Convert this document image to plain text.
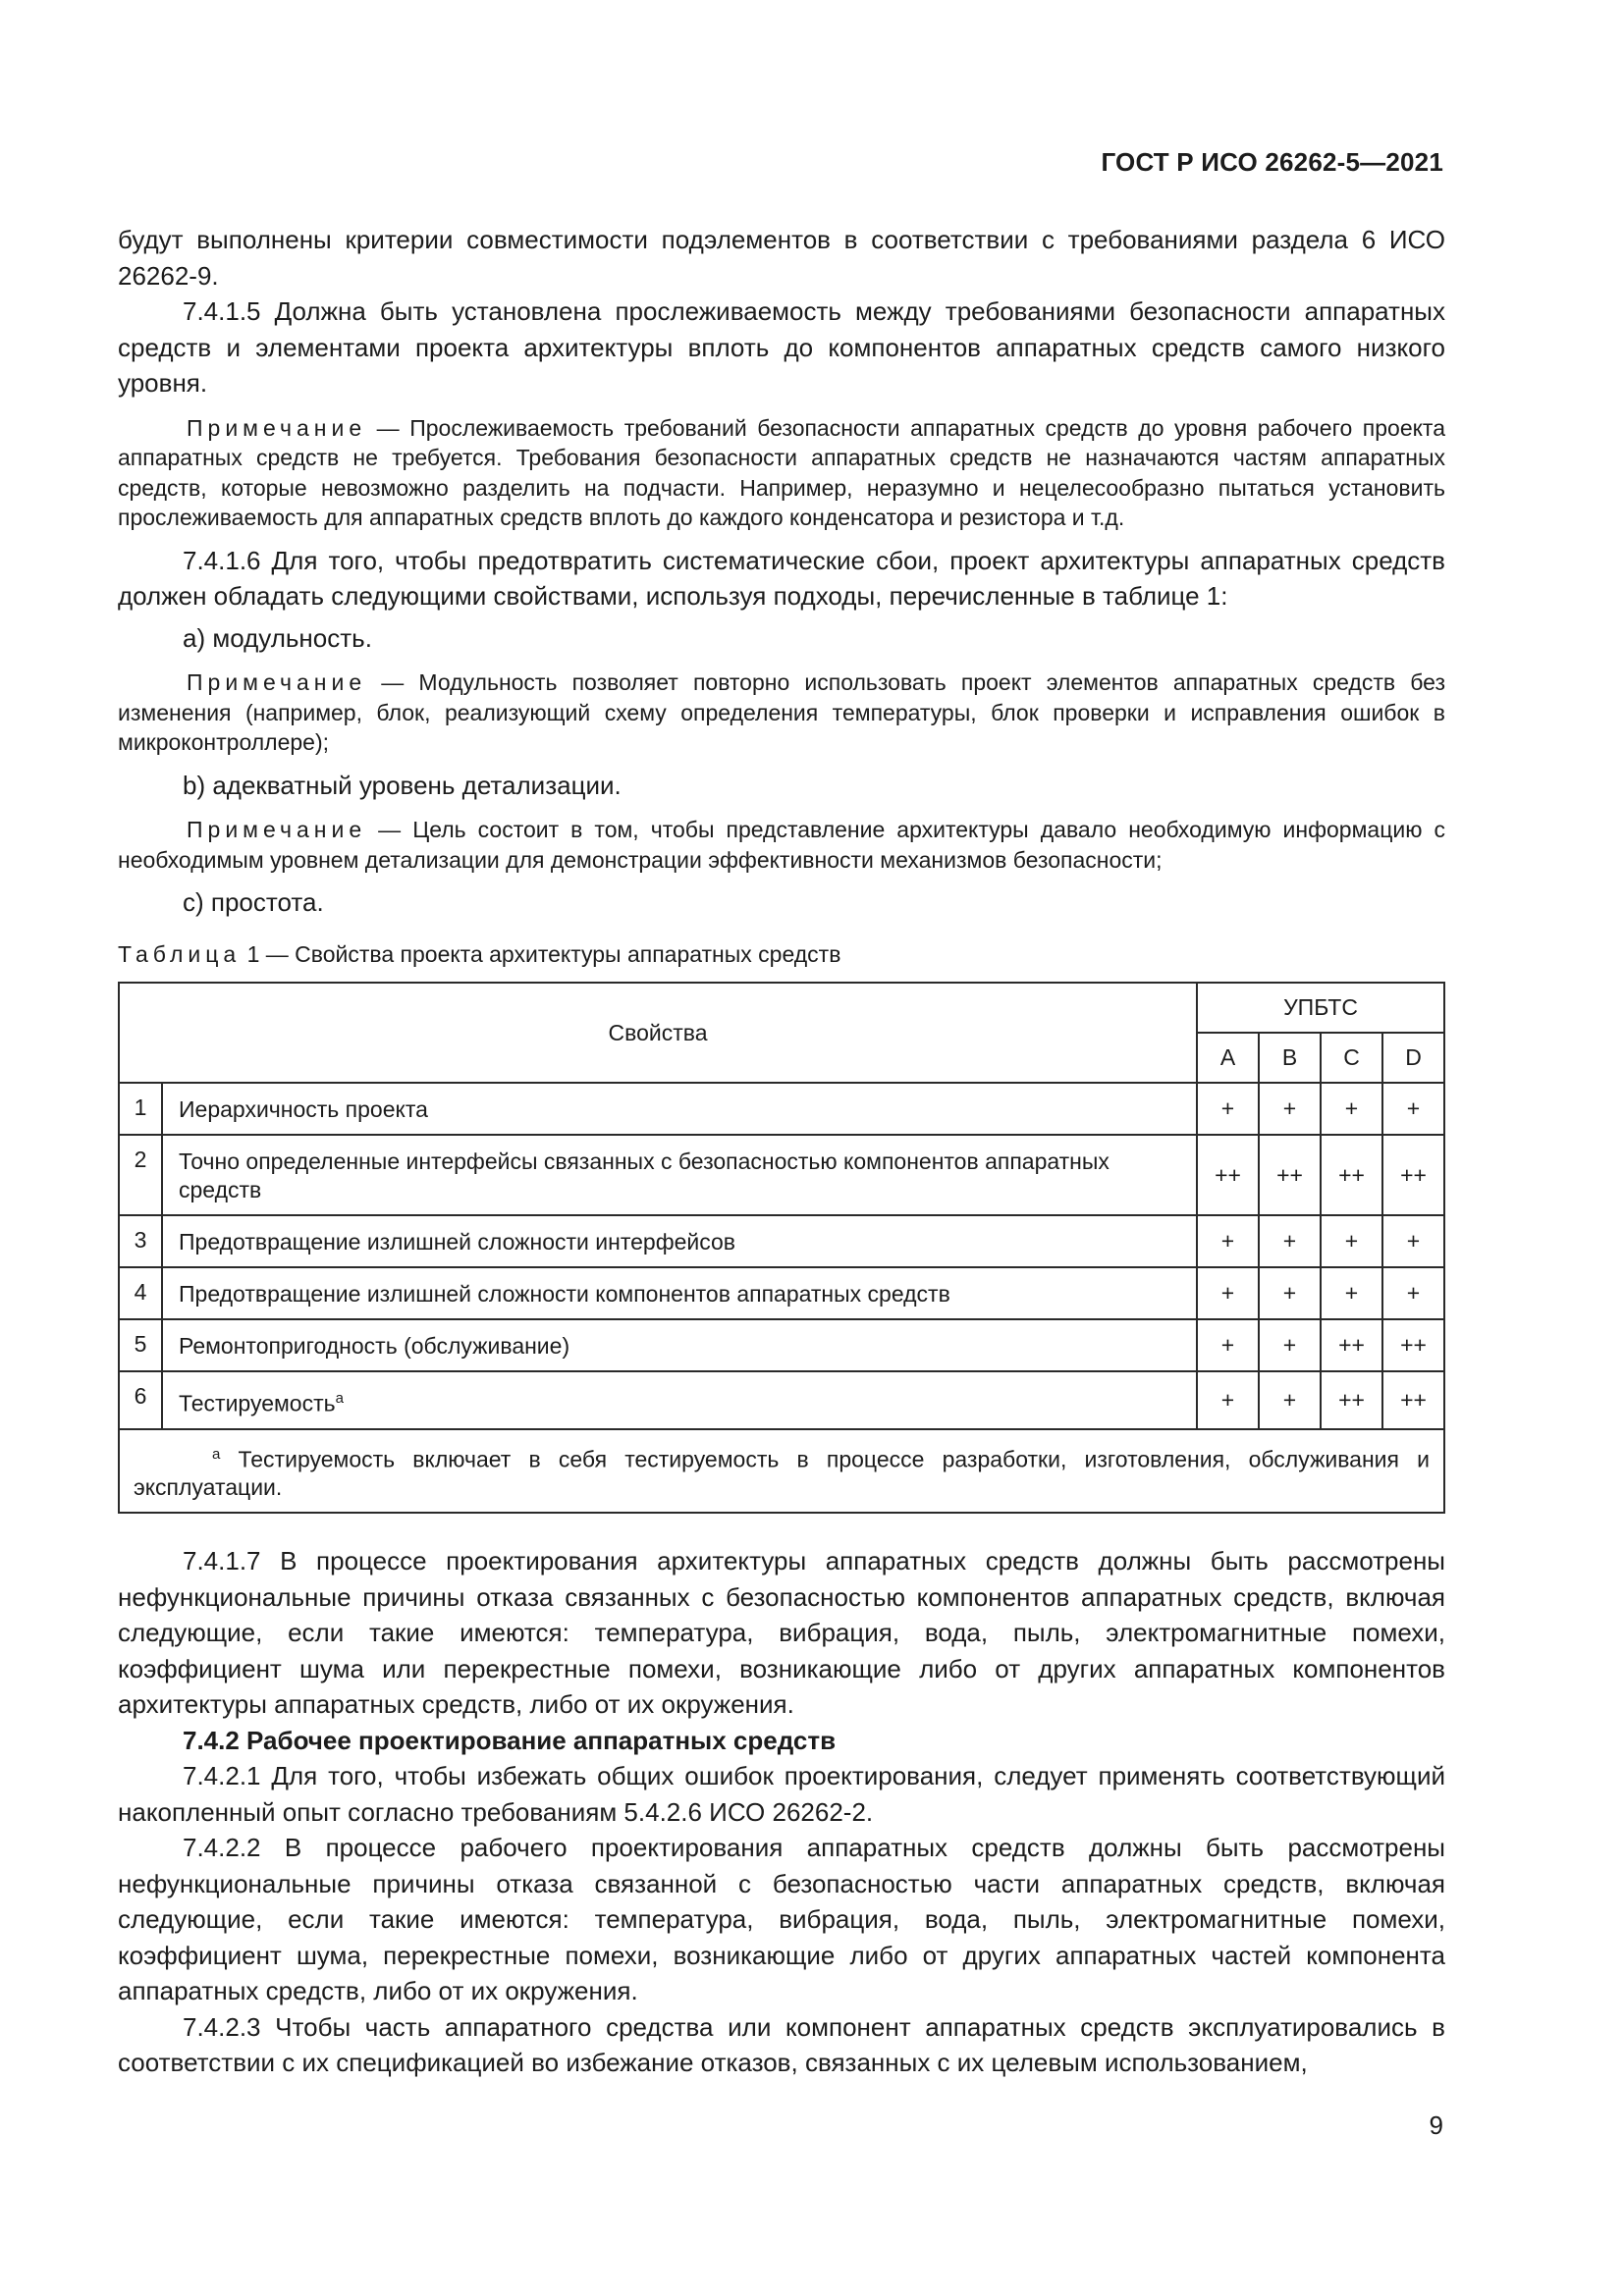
ГОСТ Р ИСО 26262-5—2021

будут выполнены критерии совместимости подэлементов в соответствии с требованиями раздела 6 ИСО 26262-9.

7.4.1.5 Должна быть установлена прослеживаемость между требованиями безопасности аппаратных средств и элементами проекта архитектуры вплоть до компонентов аппаратных средств самого низкого уровня.

Примечание — Прослеживаемость требований безопасности аппаратных средств до уровня рабочего проекта аппаратных средств не требуется. Требования безопасности аппаратных средств не назначаются частям аппаратных средств, которые невозможно разделить на подчасти. Например, неразумно и нецелесообразно пытаться установить прослеживаемость для аппаратных средств вплоть до каждого конденсатора и резистора и т.д.

7.4.1.6 Для того, чтобы предотвратить систематические сбои, проект архитектуры аппаратных средств должен обладать следующими свойствами, используя подходы, перечисленные в таблице 1:

a) модульность.

Примечание — Модульность позволяет повторно использовать проект элементов аппаратных средств без изменения (например, блок, реализующий схему определения температуры, блок проверки и исправления ошибок в микроконтроллере);

b) адекватный уровень детализации.

Примечание — Цель состоит в том, чтобы представление архитектуры давало необходимую информацию с необходимым уровнем детализации для демонстрации эффективности механизмов безопасности;

c) простота.

Таблица 1 — Свойства проекта архитектуры аппаратных средств

Свойства		УПБТС			
		A	B	C	D
1	Иерархичность проекта	+	+	+	+
2	Точно определенные интерфейсы связанных с безопасностью компонентов аппаратных средств	++	++	++	++
3	Предотвращение излишней сложности интерфейсов	+	+	+	+
4	Предотвращение излишней сложности компонентов аппаратных средств	+	+	+	+
5	Ремонтопригодность (обслуживание)	+	+	++	++
6	Тестируемость$^a$	+	+	++	++

$^a$ Тестируемость включает в себя тестируемость в процессе разработки, изготовления, обслуживания и эксплуатации.					

7.4.1.7 В процессе проектирования архитектуры аппаратных средств должны быть рассмотрены нефункциональные причины отказа связанных с безопасностью компонентов аппаратных средств, включая следующие, если такие имеются: температура, вибрация, вода, пыль, электромагнитные помехи, коэффициент шума или перекрестные помехи, возникающие либо от других аппаратных компонентов архитектуры аппаратных средств, либо от их окружения.

7.4.2 Рабочее проектирование аппаратных средств

7.4.2.1 Для того, чтобы избежать общих ошибок проектирования, следует применять соответствующий накопленный опыт согласно требованиям 5.4.2.6 ИСО 26262-2.

7.4.2.2 В процессе рабочего проектирования аппаратных средств должны быть рассмотрены нефункциональные причины отказа связанной с безопасностью части аппаратных средств, включая следующие, если такие имеются: температура, вибрация, вода, пыль, электромагнитные помехи, коэффициент шума, перекрестные помехи, возникающие либо от других аппаратных частей компонента аппаратных средств, либо от их окружения.

7.4.2.3 Чтобы часть аппаратного средства или компонент аппаратных средств эксплуатировались в соответствии с их спецификацией во избежание отказов, связанных с их целевым использованием,

9
